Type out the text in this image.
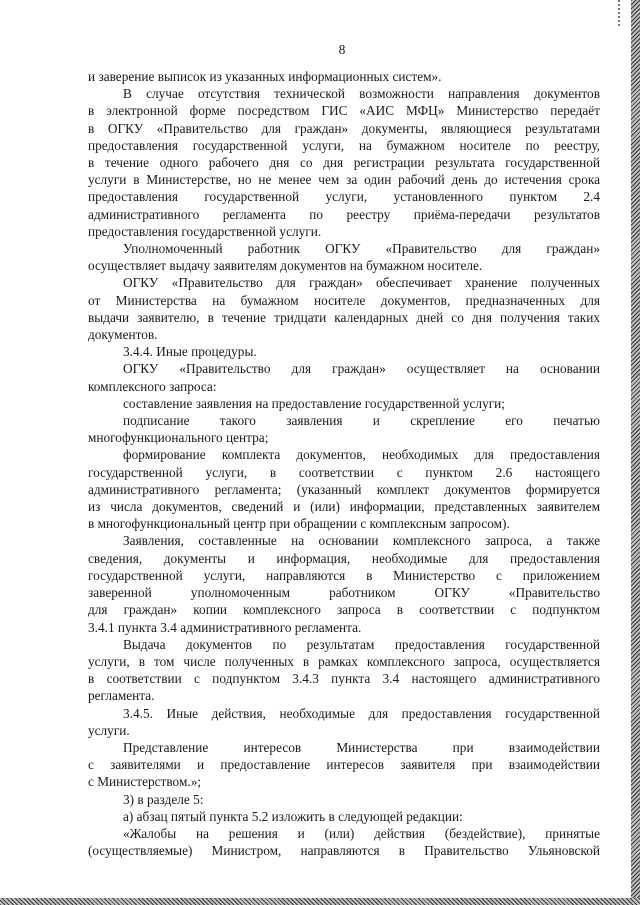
8

и заверение выписок из указанных информационных систем».

В случае отсутствия технической возможности направления документов

в электронной форме посредством ГИС «АИС МФЦ» Министерство передаёт

в ОГКУ «Правительство для граждан» документы, являющиеся результатами

предоставления государственной услуги, на бумажном носителе по реестру,

в течение одного рабочего дня со дня регистрации результата государственной

услуги в Министерстве, но не менее чем за один рабочий день до истечения срока

предоставления государственной услуги, установленного пунктом 2.4

административного регламента по реестру приёма-передачи результатов

предоставления государственной услуги.

Уполномоченный работник ОГКУ «Правительство для граждан»

осуществляет выдачу заявителям документов на бумажном носителе.

ОГКУ «Правительство для граждан» обеспечивает хранение полученных

от Министерства на бумажном носителе документов, предназначенных для

выдачи заявителю, в течение тридцати календарных дней со дня получения таких

документов.

3.4.4. Иные процедуры.

ОГКУ «Правительство для граждан» осуществляет на основании

комплексного запроса:

составление заявления на предоставление государственной услуги;

подписание такого заявления и скрепление его печатью

многофункционального центра;

формирование комплекта документов, необходимых для предоставления

государственной услуги, в соответствии с пунктом 2.6 настоящего

административного регламента; (указанный комплект документов формируется

из числа документов, сведений и (или) информации, представленных заявителем

в многофункциональный центр при обращении с комплексным запросом).

Заявления, составленные на основании комплексного запроса, а также

сведения, документы и информация, необходимые для предоставления

государственной услуги, направляются в Министерство с приложением

заверенной уполномоченным работником ОГКУ «Правительство

для граждан» копии комплексного запроса в соответствии с подпунктом

3.4.1 пункта 3.4 административного регламента.

Выдача документов по результатам предоставления государственной

услуги, в том числе полученных в рамках комплексного запроса, осуществляется

в соответствии с подпунктом 3.4.3 пункта 3.4 настоящего административного

регламента.

3.4.5. Иные действия, необходимые для предоставления государственной

услуги.

Представление интересов Министерства при взаимодействии

с заявителями и предоставление интересов заявителя при взаимодействии

с Министерством.»;

3) в разделе 5:

а) абзац пятый пункта 5.2 изложить в следующей редакции:

«Жалобы на решения и (или) действия (бездействие), принятые

(осуществляемые) Министром, направляются в Правительство Ульяновской
